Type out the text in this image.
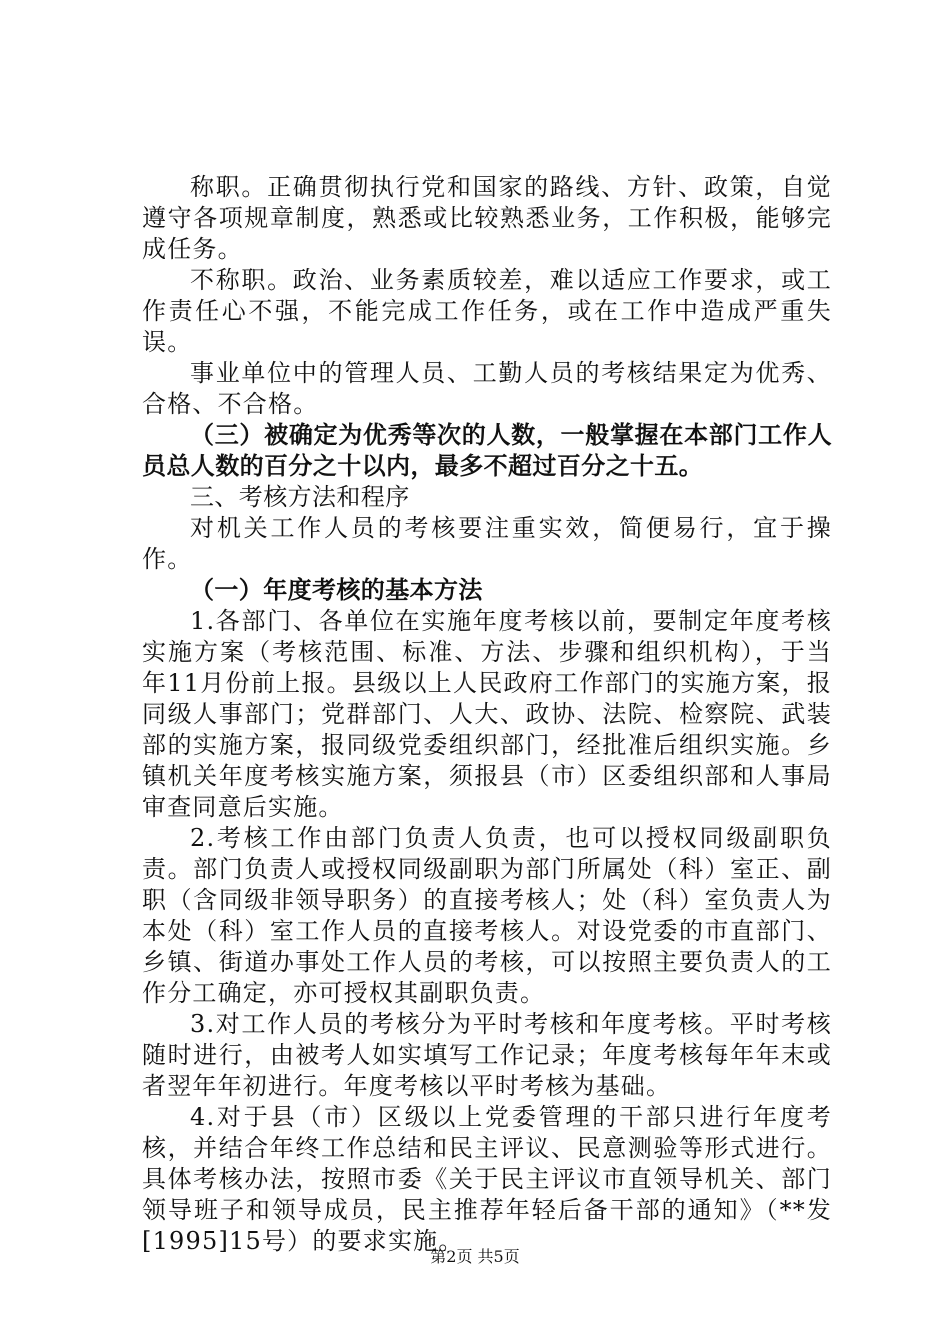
称职。正确贯彻执行党和国家的路线、方针、政策，自觉遵守各项规章制度，熟悉或比较熟悉业务，工作积极，能够完成任务。

不称职。政治、业务素质较差，难以适应工作要求，或工作责任心不强，不能完成工作任务，或在工作中造成严重失误。

事业单位中的管理人员、工勤人员的考核结果定为优秀、合格、不合格。

（三）被确定为优秀等次的人数，一般掌握在本部门工作人员总人数的百分之十以内，最多不超过百分之十五。

三、考核方法和程序

对机关工作人员的考核要注重实效，简便易行，宜于操作。

（一）年度考核的基本方法

1.各部门、各单位在实施年度考核以前，要制定年度考核实施方案（考核范围、标准、方法、步骤和组织机构），于当年11月份前上报。县级以上人民政府工作部门的实施方案，报同级人事部门；党群部门、人大、政协、法院、检察院、武装部的实施方案，报同级党委组织部门，经批准后组织实施。乡镇机关年度考核实施方案，须报县（市）区委组织部和人事局审查同意后实施。

2.考核工作由部门负责人负责，也可以授权同级副职负责。部门负责人或授权同级副职为部门所属处（科）室正、副职（含同级非领导职务）的直接考核人；处（科）室负责人为本处（科）室工作人员的直接考核人。对设党委的市直部门、乡镇、街道办事处工作人员的考核，可以按照主要负责人的工作分工确定，亦可授权其副职负责。

3.对工作人员的考核分为平时考核和年度考核。平时考核随时进行，由被考人如实填写工作记录；年度考核每年年末或者翌年年初进行。年度考核以平时考核为基础。

4.对于县（市）区级以上党委管理的干部只进行年度考核，并结合年终工作总结和民主评议、民意测验等形式进行。具体考核办法，按照市委《关于民主评议市直领导机关、部门领导班子和领导成员，民主推荐年轻后备干部的通知》（**发[1995]15号）的要求实施。

第2页 共5页
